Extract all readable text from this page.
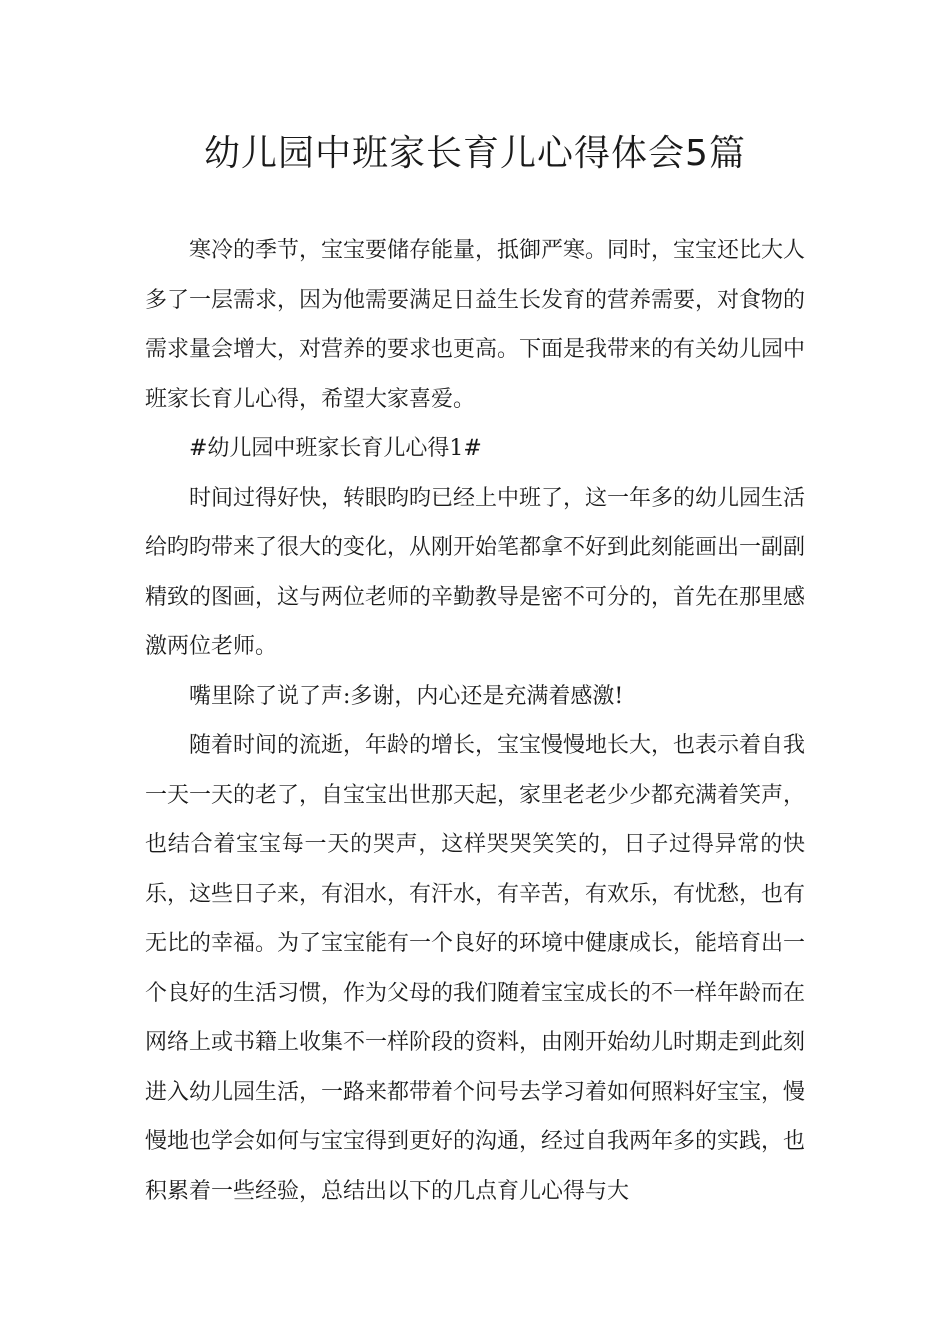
幼儿园中班家长育儿心得体会5篇

寒冷的季节，宝宝要储存能量，抵御严寒。同时，宝宝还比大人多了一层需求，因为他需要满足日益生长发育的营养需要，对食物的需求量会增大，对营养的要求也更高。下面是我带来的有关幼儿园中班家长育儿心得，希望大家喜爱。

#幼儿园中班家长育儿心得1#

时间过得好快，转眼昀昀已经上中班了，这一年多的幼儿园生活给昀昀带来了很大的变化，从刚开始笔都拿不好到此刻能画出一副副精致的图画，这与两位老师的辛勤教导是密不可分的，首先在那里感激两位老师。

嘴里除了说了声:多谢，内心还是充满着感激!

随着时间的流逝，年龄的增长，宝宝慢慢地长大，也表示着自我一天一天的老了，自宝宝出世那天起，家里老老少少都充满着笑声，也结合着宝宝每一天的哭声，这样哭哭笑笑的，日子过得异常的快乐，这些日子来，有泪水，有汗水，有辛苦，有欢乐，有忧愁，也有无比的幸福。为了宝宝能有一个良好的环境中健康成长，能培育出一个良好的生活习惯，作为父母的我们随着宝宝成长的不一样年龄而在网络上或书籍上收集不一样阶段的资料，由刚开始幼儿时期走到此刻进入幼儿园生活，一路来都带着个问号去学习着如何照料好宝宝，慢慢地也学会如何与宝宝得到更好的沟通，经过自我两年多的实践，也积累着一些经验，总结出以下的几点育儿心得与大
